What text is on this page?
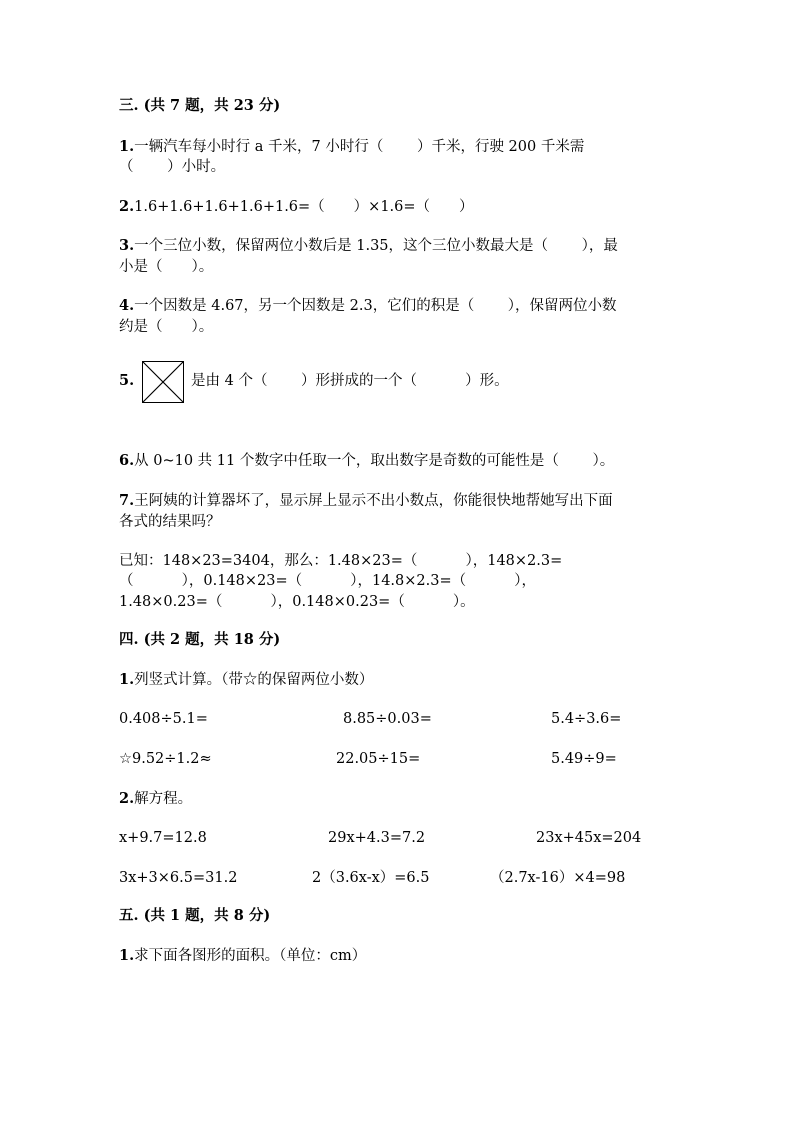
三. (共 7 题，共 23 分)
1.一辆汽车每小时行 a 千米，7 小时行（　　 ）千米，行驶 200 千米需
（　　 ）小时。
2.1.6+1.6+1.6+1.6+1.6=（　　）×1.6=（　　）
3.一个三位小数，保留两位小数后是 1.35，这个三位小数最大是（　　 ），最
小是（　　）。
4.一个因数是 4.67，另一个因数是 2.3，它们的积是（　　 ），保留两位小数
约是（　　）。
5.	是由 4 个（　　 ）形拼成的一个（　　　 ）形。
6.从 0~10 共 11 个数字中任取一个，取出数字是奇数的可能性是（　　 ）。
7.王阿姨的计算器坏了，显示屏上显示不出小数点，你能很快地帮她写出下面
各式的结果吗？
已知：148×23=3404，那么：1.48×23=（　　　 ），148×2.3=
（　　　 ），0.148×23=（　　　 ），14.8×2.3=（　　　 ），
1.48×0.23=（　　　 ），0.148×0.23=（　　　 ）。
四. (共 2 题，共 18 分)
1.列竖式计算。（带☆的保留两位小数）
0.408÷5.1=	8.85÷0.03=	5.4÷3.6=
☆9.52÷1.2≈	22.05÷15=	5.49÷9=
2.解方程。
x+9.7=12.8	29x+4.3=7.2	23x+45x=204
3x+3×6.5=31.2	2（3.6x-x）=6.5	（2.7x-16）×4=98
五. (共 1 题，共 8 分)
1.求下面各图形的面积。（单位：cm）
